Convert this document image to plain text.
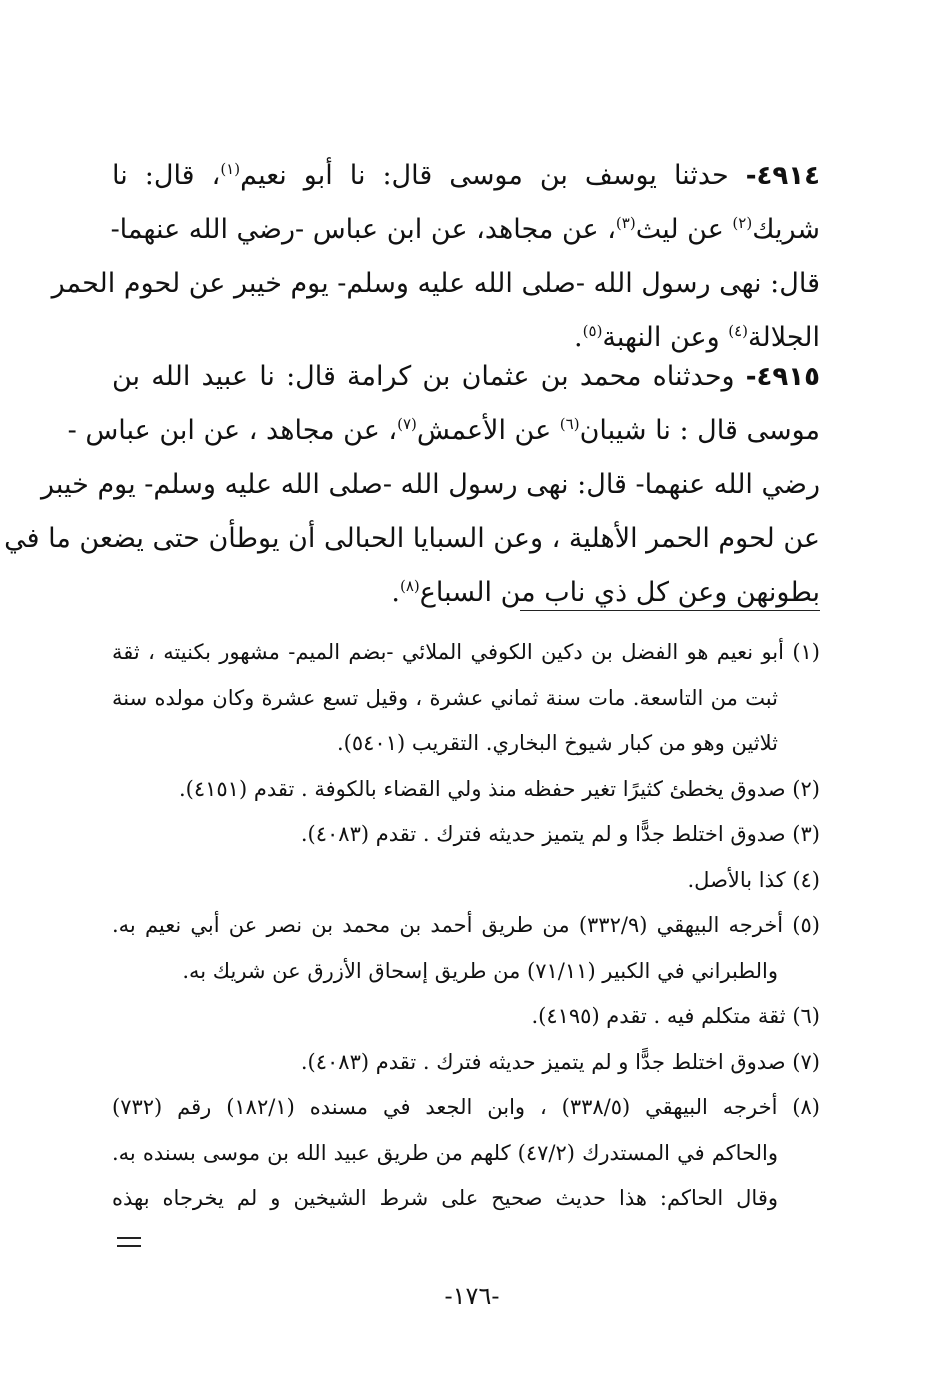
٤٩١٤- حدثنا يوسف بن موسى قال: نا أبو نعيم$^{(١)}$، قال: نا
شريك$^{(٢)}$ عن ليث$^{(٣)}$، عن مجاهد، عن ابن عباس -رضي الله عنهما-
قال: نهى رسول الله -صلى الله عليه وسلم- يوم خيبر عن لحوم الحمر
الجلالة$^{(٤)}$ وعن النهبة$^{(٥)}$.
٤٩١٥- وحدثناه محمد بن عثمان بن كرامة قال: نا عبيد الله بن
موسى قال : نا شيبان$^{(٦)}$ عن الأعمش$^{(٧)}$، عن مجاهد ، عن ابن عباس -
رضي الله عنهما- قال: نهى رسول الله -صلى الله عليه وسلم- يوم خيبر
عن لحوم الحمر الأهلية ، وعن السبايا الحبالى أن يوطأن حتى يضعن ما في
بطونهن وعن كل ذي ناب من السباع$^{(٨)}$.
(١) أبو نعيم هو الفضل بن دكين الكوفي الملائي -بضم الميم- مشهور بكنيته ، ثقة
ثبت من التاسعة. مات سنة ثماني عشرة ، وقيل تسع عشرة وكان مولده سنة
ثلاثين وهو من كبار شيوخ البخاري. التقريب (٥٤٠١).
(٢) صدوق يخطئ كثيرًا تغير حفظه منذ ولي القضاء بالكوفة . تقدم (٤١٥١).
(٣) صدوق اختلط جدًّا و لم يتميز حديثه فترك . تقدم (٤٠٨٣).
(٤) كذا بالأصل.
(٥) أخرجه البيهقي (٣٣٢/٩) من طريق أحمد بن محمد بن نصر عن أبي نعيم به.
والطبراني في الكبير (٧١/١١) من طريق إسحاق الأزرق عن شريك به.
(٦) ثقة متكلم فيه . تقدم (٤١٩٥).
(٧) صدوق اختلط جدًّا و لم يتميز حديثه فترك . تقدم (٤٠٨٣).
(٨) أخرجه البيهقي (٣٣٨/٥) ، وابن الجعد في مسنده (١٨٢/١) رقم (٧٣٢)
والحاكم في المستدرك (٤٧/٢) كلهم من طريق عبيد الله بن موسى بسنده به.
وقال الحاكم: هذا حديث صحيح على شرط الشيخين و لم يخرجاه بهذه
-١٧٦-
